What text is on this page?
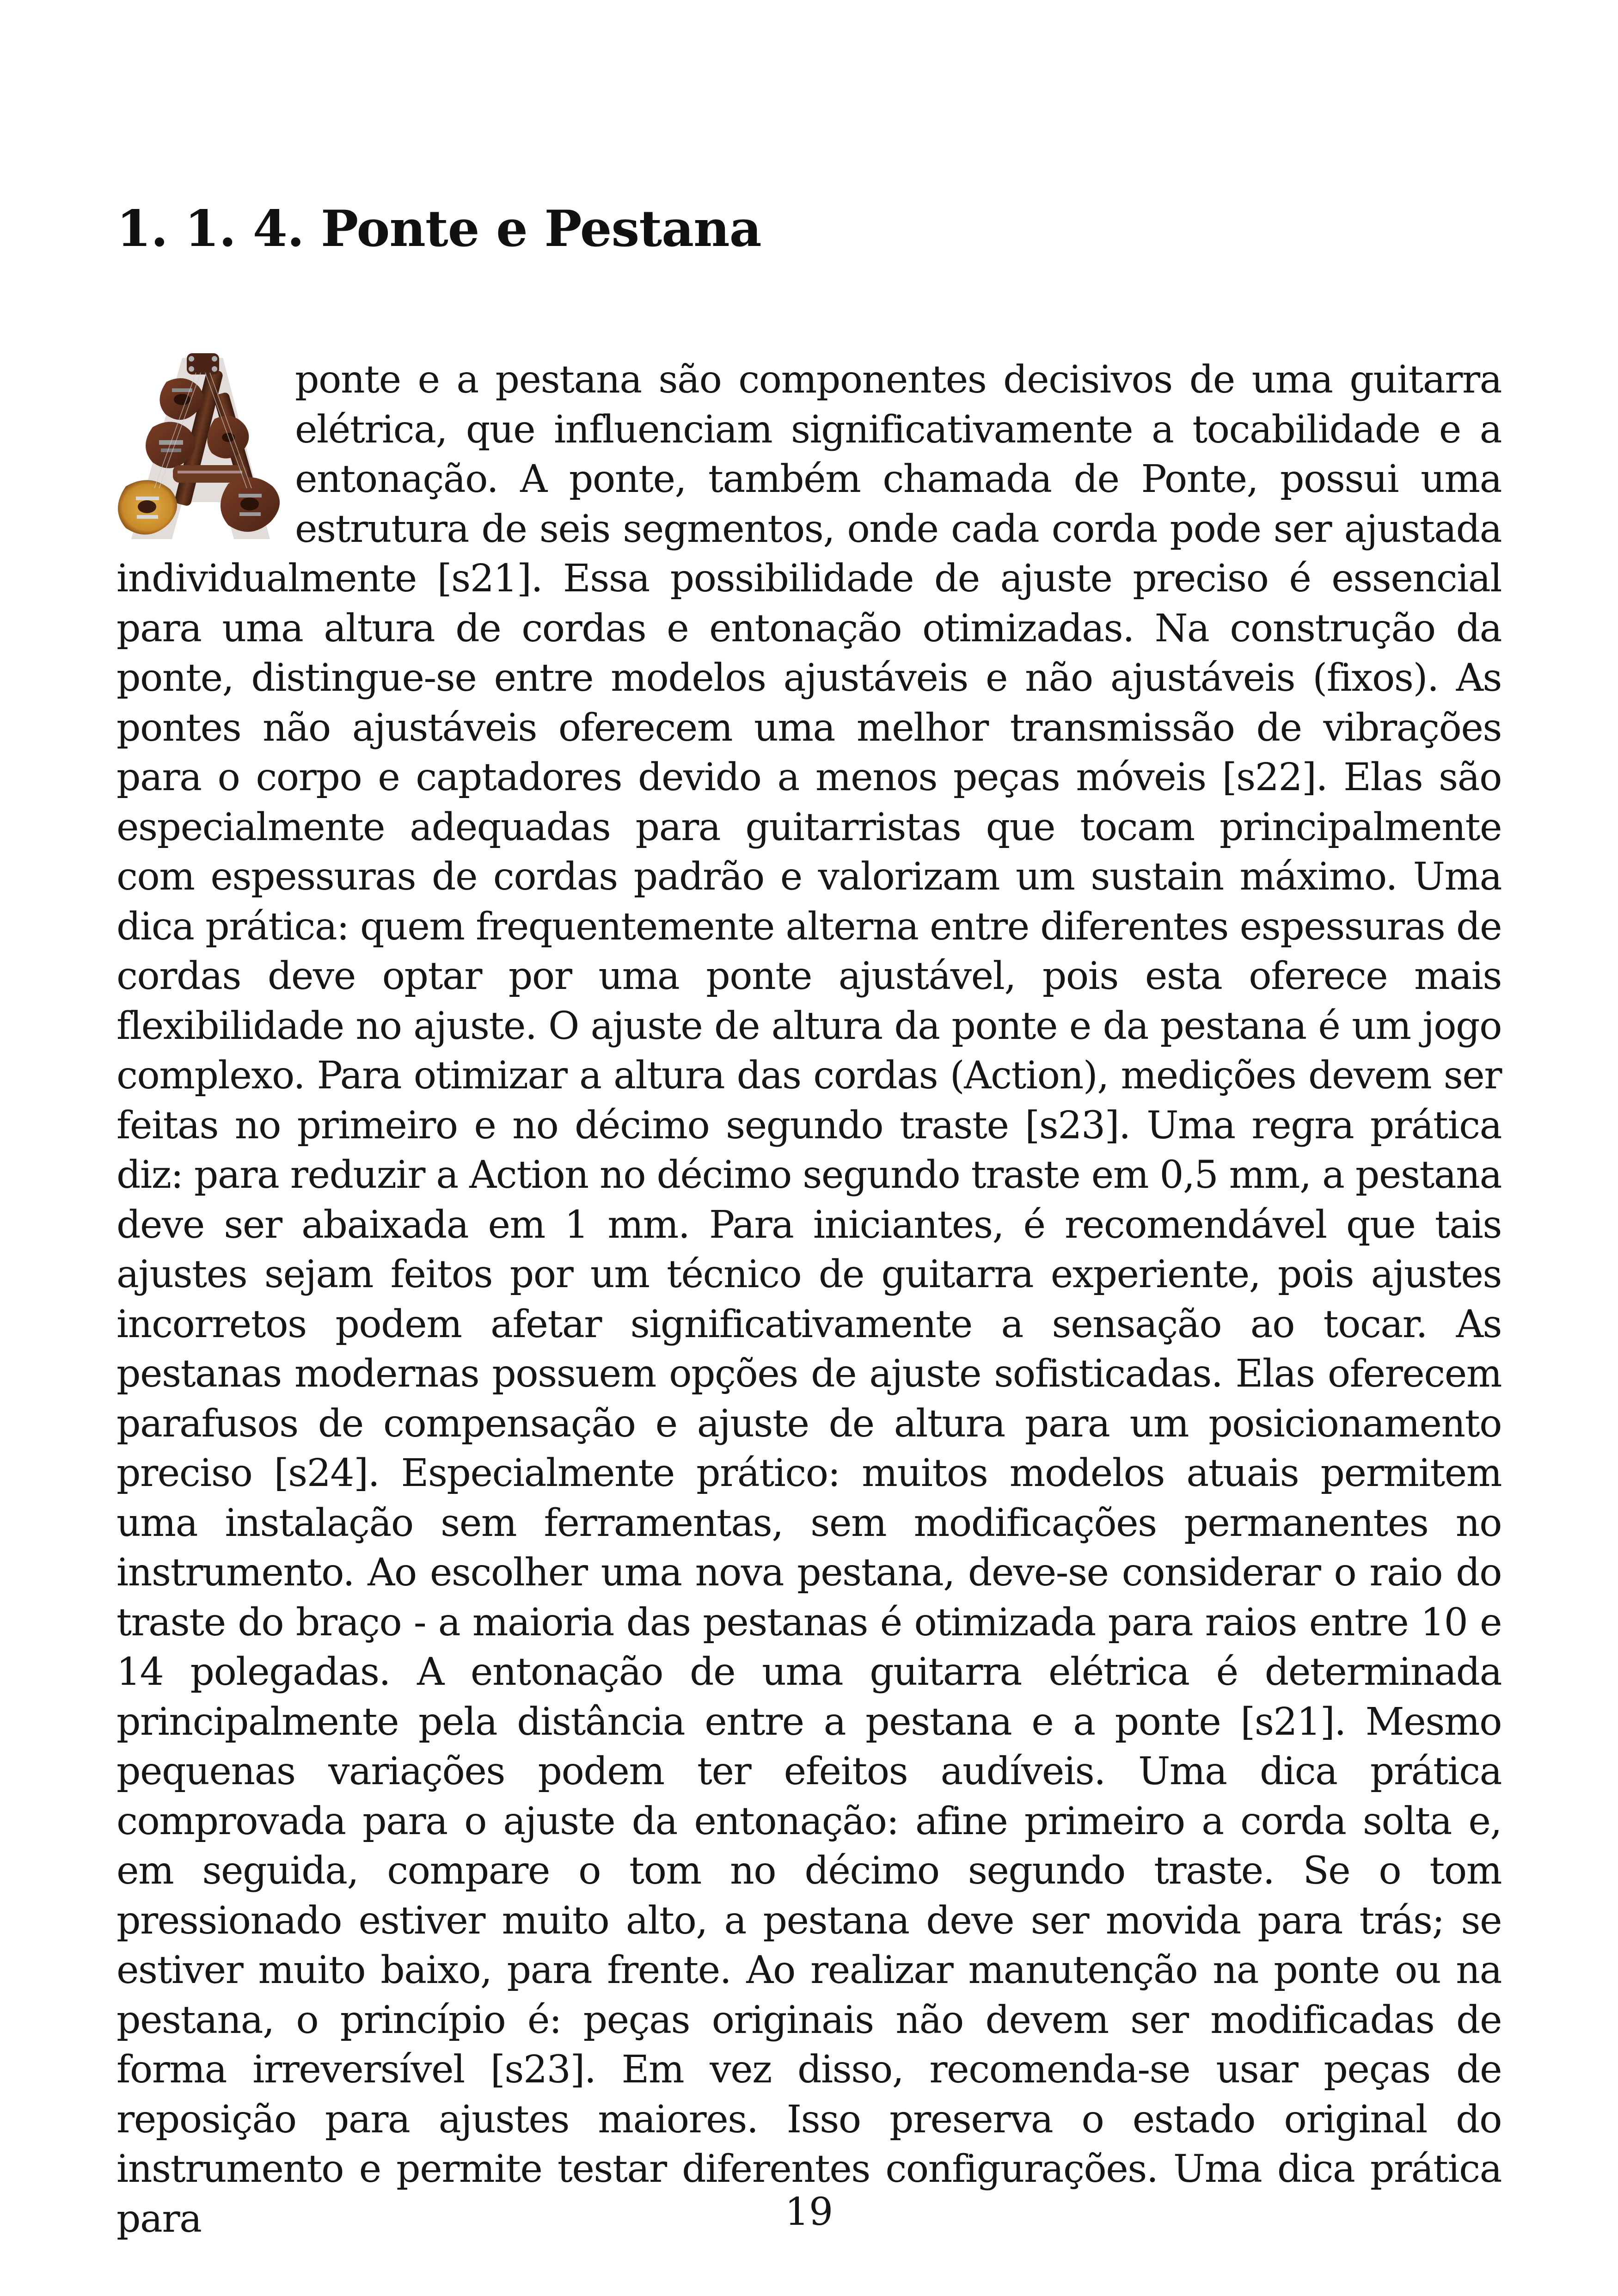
1. 1. 4. Ponte e Pestana

ponte e a pestana são componentes decisivos de uma guitarra elétrica, que influenciam significativamente a tocabilidade e a entonação. A ponte, também chamada de Ponte, possui uma estrutura de seis segmentos, onde cada corda pode ser ajustada individualmente [s21]. Essa possibilidade de ajuste preciso é essencial para uma altura de cordas e entonação otimizadas. Na construção da ponte, distingue-se entre modelos ajustáveis e não ajustáveis (fixos). As pontes não ajustáveis oferecem uma melhor transmissão de vibrações para o corpo e captadores devido a menos peças móveis [s22]. Elas são especialmente adequadas para guitarristas que tocam principalmente com espessuras de cordas padrão e valorizam um sustain máximo. Uma dica prática: quem frequentemente alterna entre diferentes espessuras de cordas deve optar por uma ponte ajustável, pois esta oferece mais flexibilidade no ajuste. O ajuste de altura da ponte e da pestana é um jogo complexo. Para otimizar a altura das cordas (Action), medições devem ser feitas no primeiro e no décimo segundo traste [s23]. Uma regra prática diz: para reduzir a Action no décimo segundo traste em 0,5 mm, a pestana deve ser abaixada em 1 mm. Para iniciantes, é recomendável que tais ajustes sejam feitos por um técnico de guitarra experiente, pois ajustes incorretos podem afetar significativamente a sensação ao tocar. As pestanas modernas possuem opções de ajuste sofisticadas. Elas oferecem parafusos de compensação e ajuste de altura para um posicionamento preciso [s24]. Especialmente prático: muitos modelos atuais permitem uma instalação sem ferramentas, sem modificações permanentes no instrumento. Ao escolher uma nova pestana, deve-se considerar o raio do traste do braço - a maioria das pestanas é otimizada para raios entre 10 e 14 polegadas. A entonação de uma guitarra elétrica é determinada principalmente pela distância entre a pestana e a ponte [s21]. Mesmo pequenas variações podem ter efeitos audíveis. Uma dica prática comprovada para o ajuste da entonação: afine primeiro a corda solta e, em seguida, compare o tom no décimo segundo traste. Se o tom pressionado estiver muito alto, a pestana deve ser movida para trás; se estiver muito baixo, para frente. Ao realizar manutenção na ponte ou na pestana, o princípio é: peças originais não devem ser modificadas de forma irreversível [s23]. Em vez disso, recomenda-se usar peças de reposição para ajustes maiores. Isso preserva o estado original do instrumento e permite testar diferentes configurações. Uma dica prática para	19
